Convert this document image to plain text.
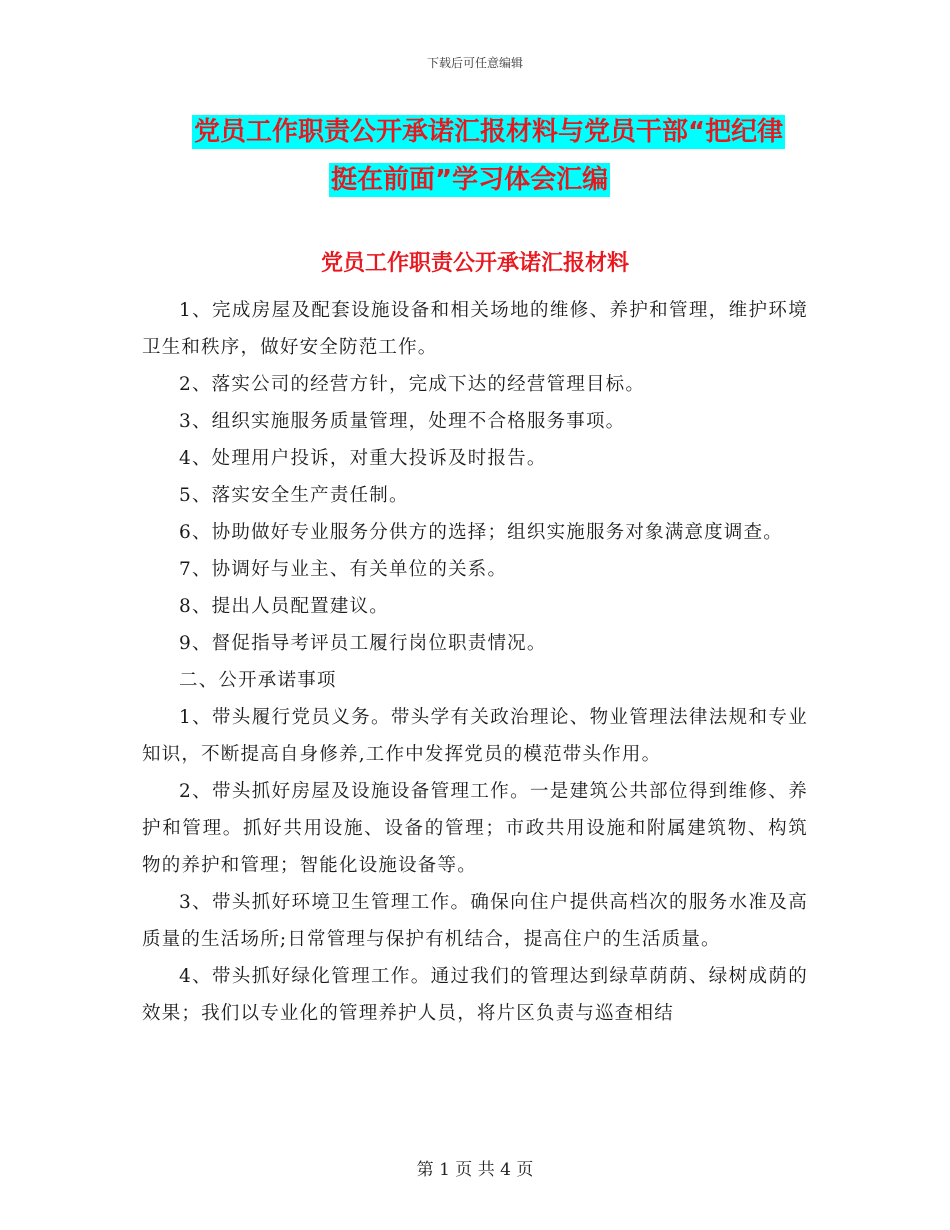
下载后可任意编辑
党员工作职责公开承诺汇报材料与党员干部“把纪律
挺在前面”学习体会汇编
党员工作职责公开承诺汇报材料

1、完成房屋及配套设施设备和相关场地的维修、养护和管理，维护环境卫生和秩序，做好安全防范工作。

2、落实公司的经营方针，完成下达的经营管理目标。

3、组织实施服务质量管理，处理不合格服务事项。

4、处理用户投诉，对重大投诉及时报告。

5、落实安全生产责任制。

6、协助做好专业服务分供方的选择；组织实施服务对象满意度调查。

7、协调好与业主、有关单位的关系。

8、提出人员配置建议。

9、督促指导考评员工履行岗位职责情况。

二、公开承诺事项

1、带头履行党员义务。带头学有关政治理论、物业管理法律法规和专业知识，不断提高自身修养,工作中发挥党员的模范带头作用。

2、带头抓好房屋及设施设备管理工作。一是建筑公共部位得到维修、养护和管理。抓好共用设施、设备的管理；市政共用设施和附属建筑物、构筑物的养护和管理；智能化设施设备等。

3、带头抓好环境卫生管理工作。确保向住户提供高档次的服务水准及高质量的生活场所;日常管理与保护有机结合，提高住户的生活质量。

4、带头抓好绿化管理工作。通过我们的管理达到绿草荫荫、绿树成荫的效果；我们以专业化的管理养护人员，将片区负责与巡查相结

第 1 页 共 4 页
